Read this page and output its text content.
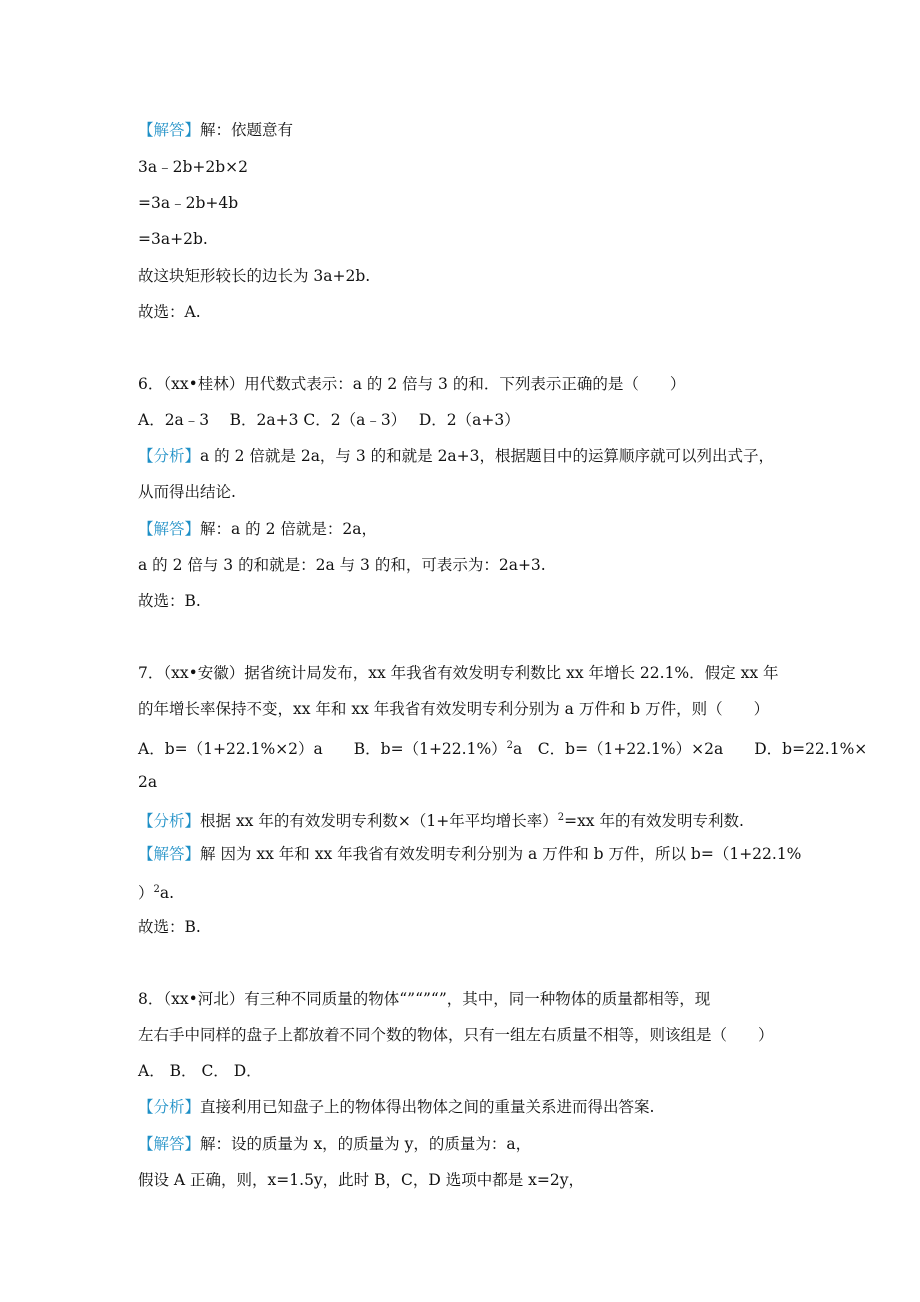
【解答】解：依题意有
3a﹣2b+2b×2
=3a﹣2b+4b
=3a+2b.
故这块矩形较长的边长为 3a+2b.
故选：A.
6．（xx•桂林）用代数式表示：a 的 2 倍与 3 的和．下列表示正确的是（　　）
A．2a﹣3　 B．2a+3 C．2（a﹣3）　 D．2（a+3）
【分析】a 的 2 倍就是 2a，与 3 的和就是 2a+3，根据题目中的运算顺序就可以列出式子，
从而得出结论.
【解答】解：a 的 2 倍就是：2a，
a 的 2 倍与 3 的和就是：2a 与 3 的和，可表示为：2a+3.
故选：B.
7．（xx•安徽）据省统计局发布，xx 年我省有效发明专利数比 xx 年增长 22.1%．假定 xx 年
的年增长率保持不变，xx 年和 xx 年我省有效发明专利分别为 a 万件和 b 万件，则（　　）
A．b=（1+22.1%×2）a　　B．$b=(1+22.1\%)^2a$　C．b=（1+22.1%）×2a　　D．b=22.1%×
2a
【分析】根据 xx 年的有效发明专利数×（1+年平均增长率）$^2$=xx 年的有效发明专利数.
【解答】解 因为 xx 年和 xx 年我省有效发明专利分别为 a 万件和 b 万件，所以 b=（1+22.1%
）$^2$a.
故选：B.
8．（xx•河北）有三种不同质量的物体“”“”“”，其中，同一种物体的质量都相等，现
左右手中同样的盘子上都放着不同个数的物体，只有一组左右质量不相等，则该组是（　　）
A． B． C． D．
【分析】直接利用已知盘子上的物体得出物体之间的重量关系进而得出答案.
【解答】解：设的质量为 x，的质量为 y，的质量为：a，
假设 A 正确，则，x=1.5y，此时 B，C，D 选项中都是 x=2y，
